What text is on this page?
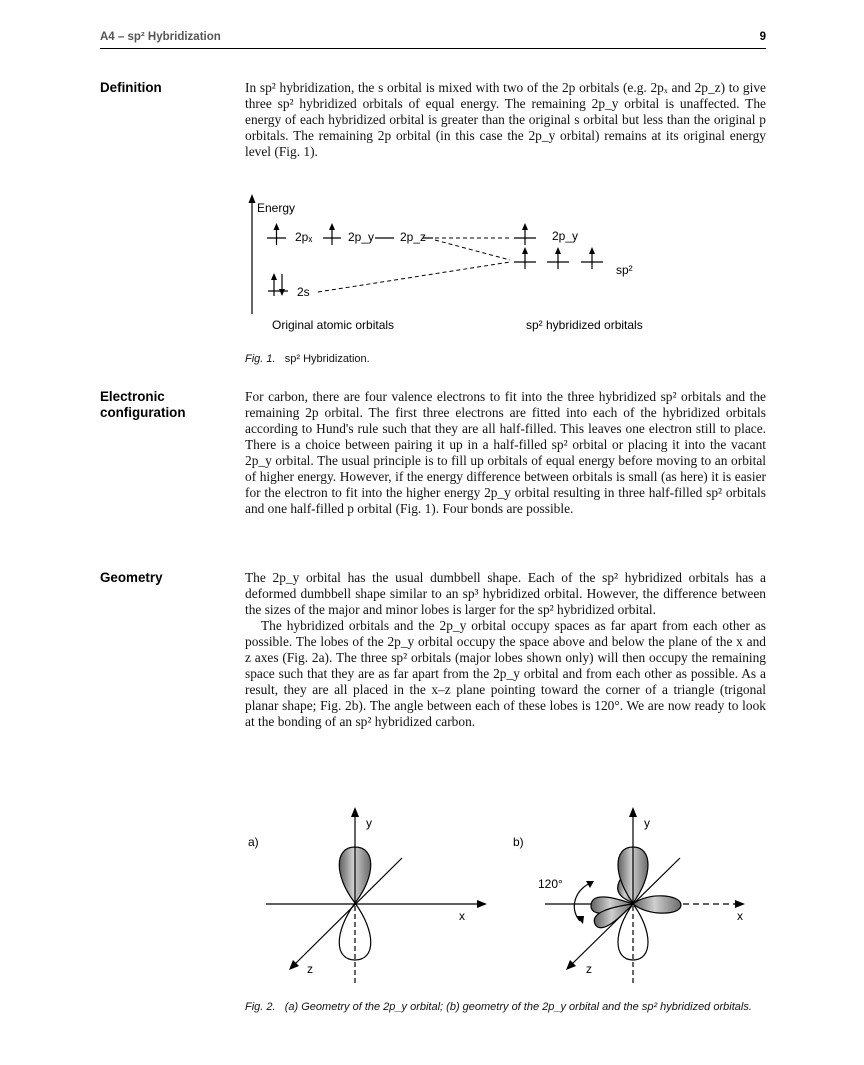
A4 – sp² Hybridization	9
Definition	In sp² hybridization, the s orbital is mixed with two of the 2p orbitals (e.g. 2pₓ and 2p_z) to give three sp² hybridized orbitals of equal energy. The remaining 2p_y orbital is unaffected. The energy of each hybridized orbital is greater than the original s orbital but less than the original p orbitals. The remaining 2p orbital (in this case the 2p_y orbital) remains at its original energy level (Fig. 1).

Energy
2pₓ	2p_y 2p_z
2s
2p_y
sp²
Original atomic orbitals	sp² hybridized orbitals
Fig. 1. sp² Hybridization.
Electronic
configuration

For carbon, there are four valence electrons to fit into the three hybridized sp² orbitals and the remaining 2p orbital. The first three electrons are fitted into each of the hybridized orbitals according to Hund's rule such that they are all half-filled. This leaves one electron still to place. There is a choice between pairing it up in a half-filled sp² orbital or placing it into the vacant 2p_y orbital. The usual principle is to fill up orbitals of equal energy before moving to an orbital of higher energy. However, if the energy difference between orbitals is small (as here) it is easier for the electron to fit into the higher energy 2p_y orbital resulting in three half-filled sp² orbitals and one half-filled p orbital (Fig. 1). Four bonds are possible.

Geometry	The 2p_y orbital has the usual dumbbell shape. Each of the sp² hybridized orbitals has a deformed dumbbell shape similar to an sp³ hybridized orbital. However, the difference between the sizes of the major and minor lobes is larger for the sp² hybridized orbital.

The hybridized orbitals and the 2p_y orbital occupy spaces as far apart from each other as possible. The lobes of the 2p_y orbital occupy the space above and below the plane of the x and z axes (Fig. 2a). The three sp² orbitals (major lobes shown only) will then occupy the remaining space such that they are as far apart from the 2p_y orbital and from each other as possible. As a result, they are all placed in the x–z plane pointing toward the corner of a triangle (trigonal planar shape; Fig. 2b). The angle between each of these lobes is 120°. We are now ready to look at the bonding of an sp² hybridized carbon.

a)
y
x
z
b)
y
120°
x
z
Fig. 2. (a) Geometry of the 2p_y orbital; (b) geometry of the 2p_y orbital and the sp² hybridized orbitals.
